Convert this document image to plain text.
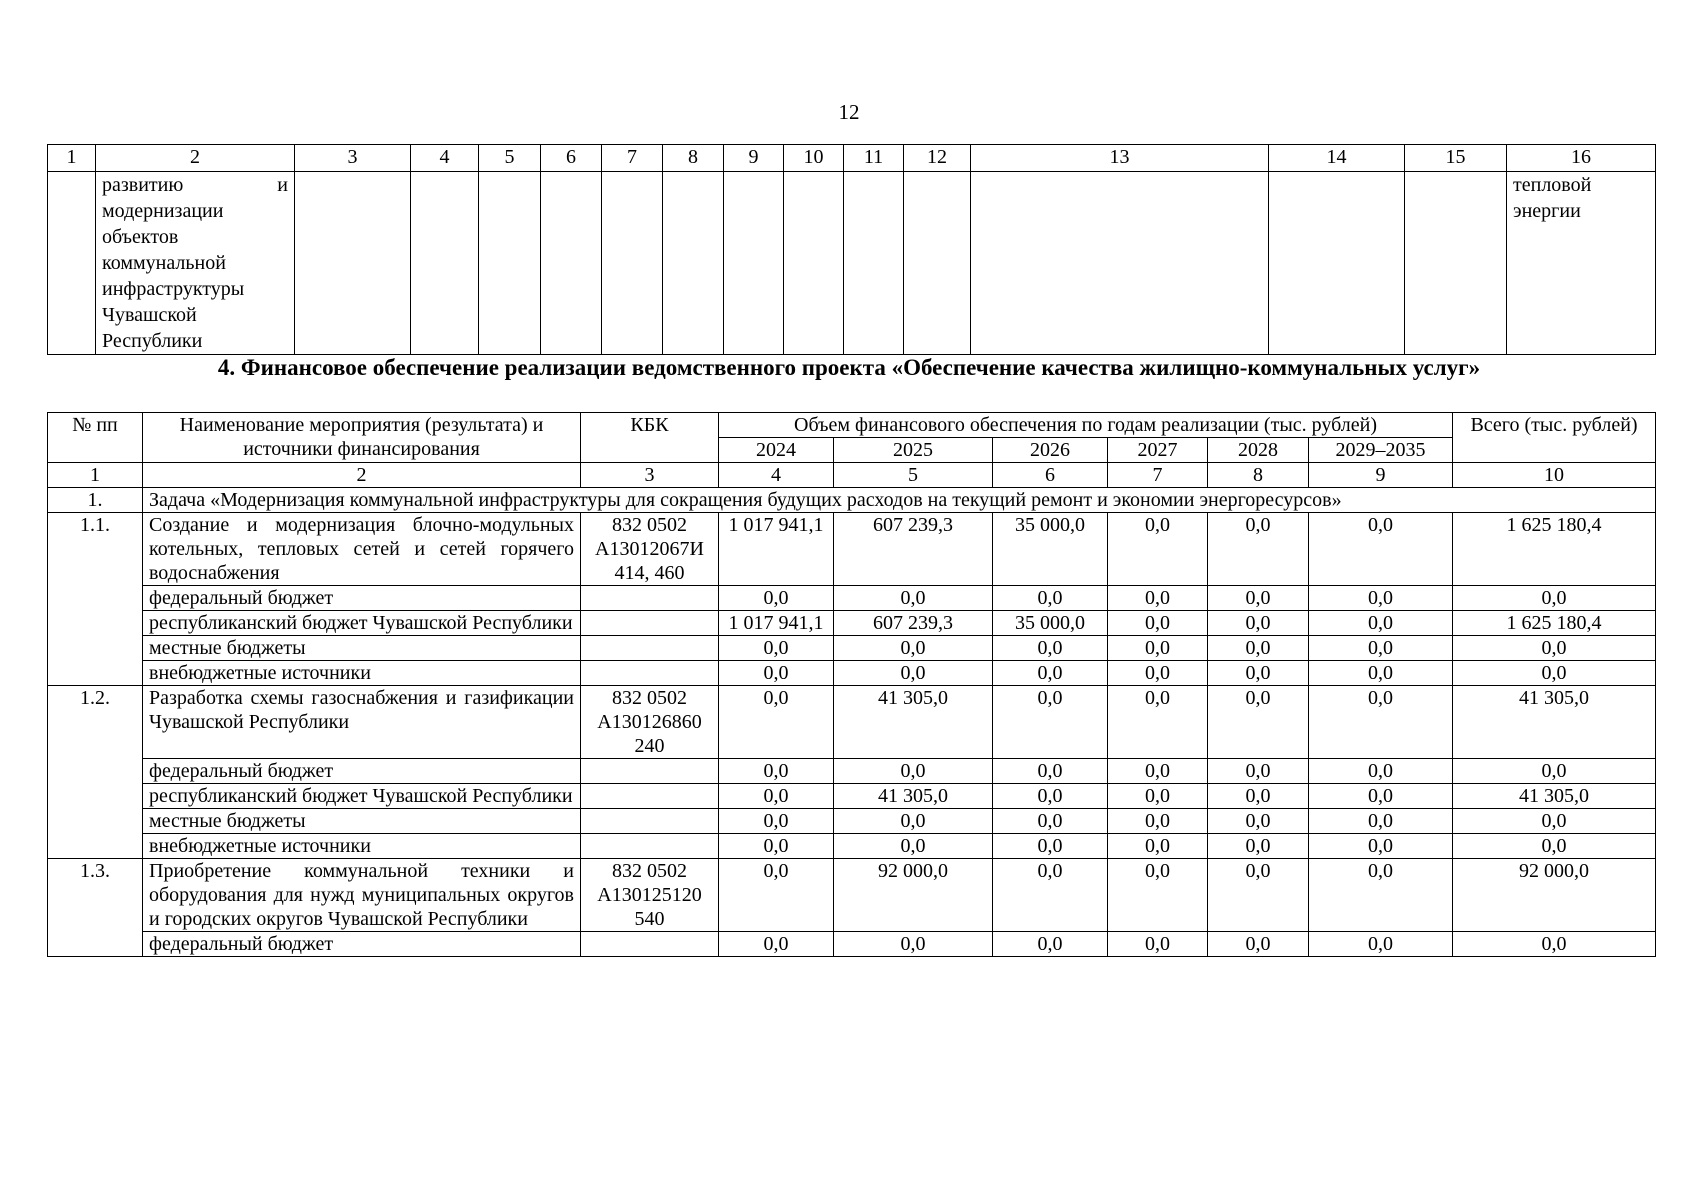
12
1	2	3	4	5	6	7	8	9	10	11	12	13	14	15	16
	развитию и модернизации объектов коммунальной инфраструктуры Чувашской Республики														тепловой энергии
4. Финансовое обеспечение реализации ведомственного проекта «Обеспечение качества жилищно-коммунальных услуг»
№ пп	Наименование мероприятия (результата) и источники финансирования	КБК	Объем финансового обеспечения по годам реализации (тыс. рублей)						Всего (тыс. рублей)
			2024	2025	2026	2027	2028	2029–2035	
1	2	3	4	5	6	7	8	9	10
1.	Задача «Модернизация коммунальной инфраструктуры для сокращения будущих расходов на текущий ремонт и экономии энергоресурсов»								
1.1.	Создание и модернизация блочно-модульных котельных, тепловых сетей и сетей горячего водоснабжения	832 0502 А13012067И 414, 460	1 017 941,1	607 239,3	35 000,0	0,0	0,0	0,0	1 625 180,4
	федеральный бюджет		0,0	0,0	0,0	0,0	0,0	0,0	0,0
	республиканский бюджет Чувашской Республики		1 017 941,1	607 239,3	35 000,0	0,0	0,0	0,0	1 625 180,4
	местные бюджеты		0,0	0,0	0,0	0,0	0,0	0,0	0,0
	внебюджетные источники		0,0	0,0	0,0	0,0	0,0	0,0	0,0
1.2.	Разработка схемы газоснабжения и газификации Чувашской Республики	832 0502 А130126860 240	0,0	41 305,0	0,0	0,0	0,0	0,0	41 305,0
	федеральный бюджет		0,0	0,0	0,0	0,0	0,0	0,0	0,0
	республиканский бюджет Чувашской Республики		0,0	41 305,0	0,0	0,0	0,0	0,0	41 305,0
	местные бюджеты		0,0	0,0	0,0	0,0	0,0	0,0	0,0
	внебюджетные источники		0,0	0,0	0,0	0,0	0,0	0,0	0,0
1.3.	Приобретение коммунальной техники и оборудования для нужд муниципальных округов и городских округов Чувашской Республики	832 0502 А130125120 540	0,0	92 000,0	0,0	0,0	0,0	0,0	92 000,0
	федеральный бюджет		0,0	0,0	0,0	0,0	0,0	0,0	0,0
